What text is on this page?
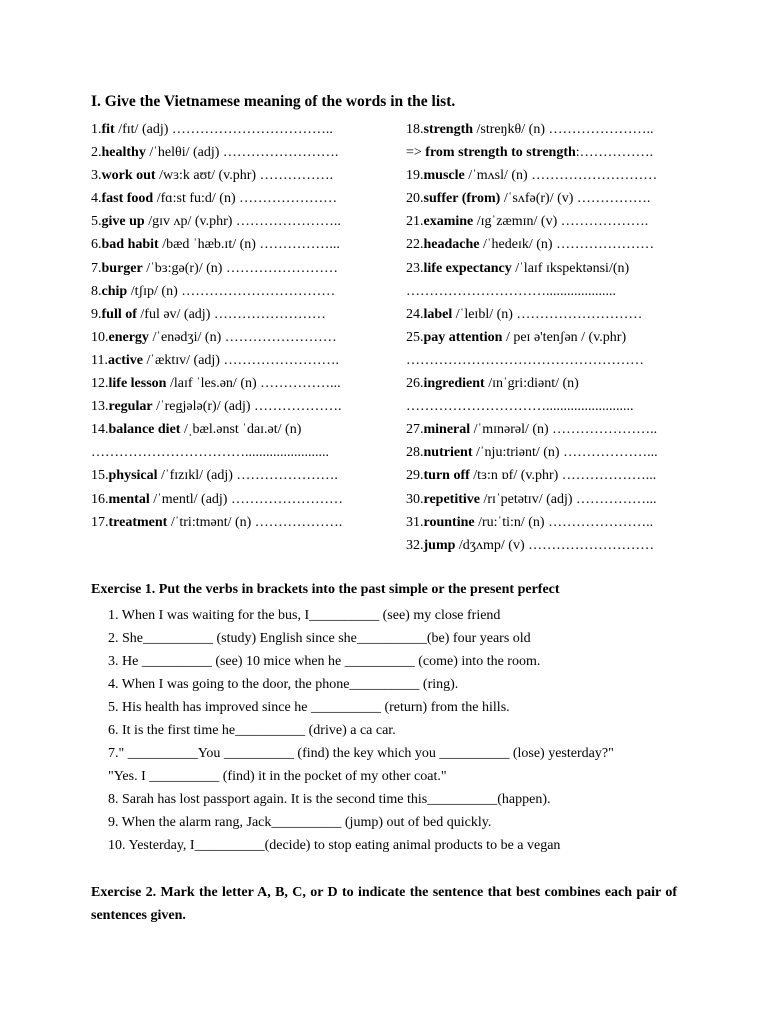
I. Give the Vietnamese meaning of the words in the list.
1.fit /fɪt/ (adj) ……………………………..
2.healthy /ˈhelθi/ (adj) …………………….
3.work out /wɜ:k aʊt/ (v.phr) …………….
4.fast food /fɑ:st fu:d/ (n) …………………
5.give up /gɪv ʌp/ (v.phr) …………………..
6.bad habit /bæd ˈhæb.ɪt/ (n) ……………...
7.burger /ˈbɜ:gə(r)/ (n) ……………………
8.chip /tʃɪp/ (n) ……………………………
9.full of /ful əv/ (adj) ……………………
10.energy /ˈenədʒi/ (n) ……………………
11.active /ˈæktɪv/ (adj) …………………….
12.life lesson /laɪf ˈles.ən/ (n) ……………...
13.regular /ˈregjələ(r)/ (adj) ……………….
14.balance diet /ˌbæl.ənst ˈdaɪ.ət/ (n)
……………………………........................
15.physical /ˈfɪzɪkl/ (adj) ………………….
16.mental /ˈmentl/ (adj) ……………………
17.treatment /ˈtri:tmənt/ (n) ……………….
18.strength /streŋkθ/ (n) …………………..
=> from strength to strength:…………….
19.muscle /ˈmʌsl/ (n) ………………………
20.suffer (from) /ˈsʌfə(r)/ (v) …………….
21.examine /ɪgˈzæmɪn/ (v) ……………….
22.headache /ˈhedeɪk/ (n) …………………
23.life expectancy /ˈlaɪf ɪkspektənsi/(n)
…………………………....................
24.label /ˈleɪbl/ (n) ………………………
25.pay attention / peɪ ə'tenʃən / (v.phr)
……………………………………………
26.ingredient /ɪnˈgri:diənt/ (n)
………………………….........................
27.mineral /ˈmɪnərəl/ (n) …………………..
28.nutrient /ˈnju:triənt/ (n) ………………...
29.turn off /tɜ:n ɒf/ (v.phr) ………………...
30.repetitive /rɪˈpetətɪv/ (adj) ……………...
31.rountine /ru:ˈti:n/ (n) …………………..
32.jump /dʒʌmp/ (v) ………………………
Exercise 1. Put the verbs in brackets into the past simple or the present perfect
1. When I was waiting for the bus, I__________ (see) my close friend
2. She__________ (study) English since she__________(be) four years old
3. He __________ (see) 10 mice when he __________ (come) into the room.
4. When I was going to the door, the phone__________ (ring).
5. His health has improved since he __________ (return) from the hills.
6. It is the first time he__________ (drive) a ca car.
7." __________You __________ (find) the key which you __________ (lose) yesterday?"
"Yes. I __________ (find) it in the pocket of my other coat."
8. Sarah has lost passport again. It is the second time this__________(happen).
9. When the alarm rang, Jack__________ (jump) out of bed quickly.
10. Yesterday, I__________(decide) to stop eating animal products to be a vegan
Exercise 2. Mark the letter A, B, C, or D to indicate the sentence that best combines each pair of sentences given.
